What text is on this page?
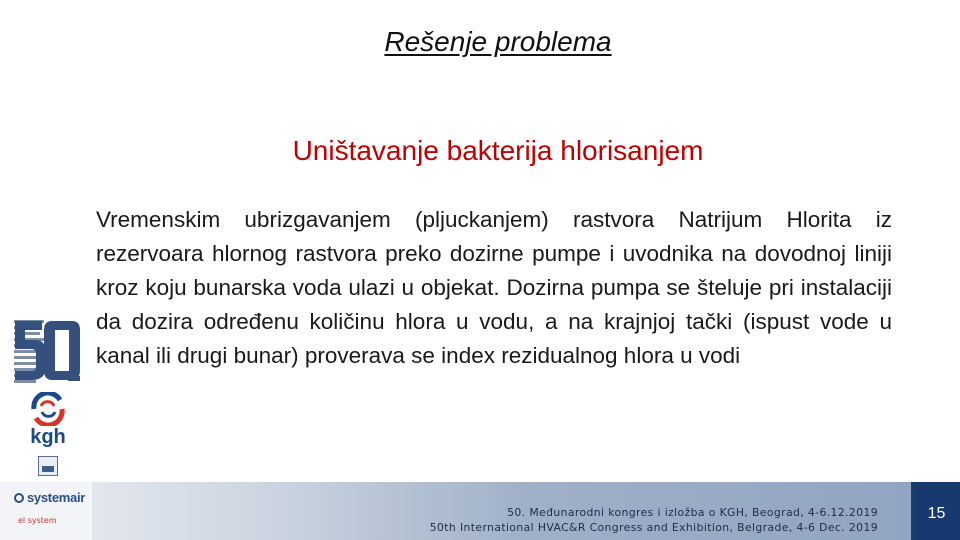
Rešenje problema
Uništavanje bakterija hlorisanjem
Vremenskim ubrizgavanjem (pljuckanjem) rastvora Natrijum Hlorita iz rezervoara hlornog rastvora preko dozirne pumpe i uvodnika na dovodnoj liniji kroz koju bunarska voda ulazi u objekat. Dozirna pumpa se šteluje pri instalaciji da dozira određenu količinu hlora u vodu, a na krajnjoj tački (ispust vode u kanal ili drugi bunar) proverava se index rezidualnog hlora u vodi
kgh
systemair
el system
50. Međunarodni kongres i izložba o KGH, Beograd, 4-6.12.2019
50th International HVAC&R Congress and Exhibition, Belgrade, 4-6 Dec. 2019
15
